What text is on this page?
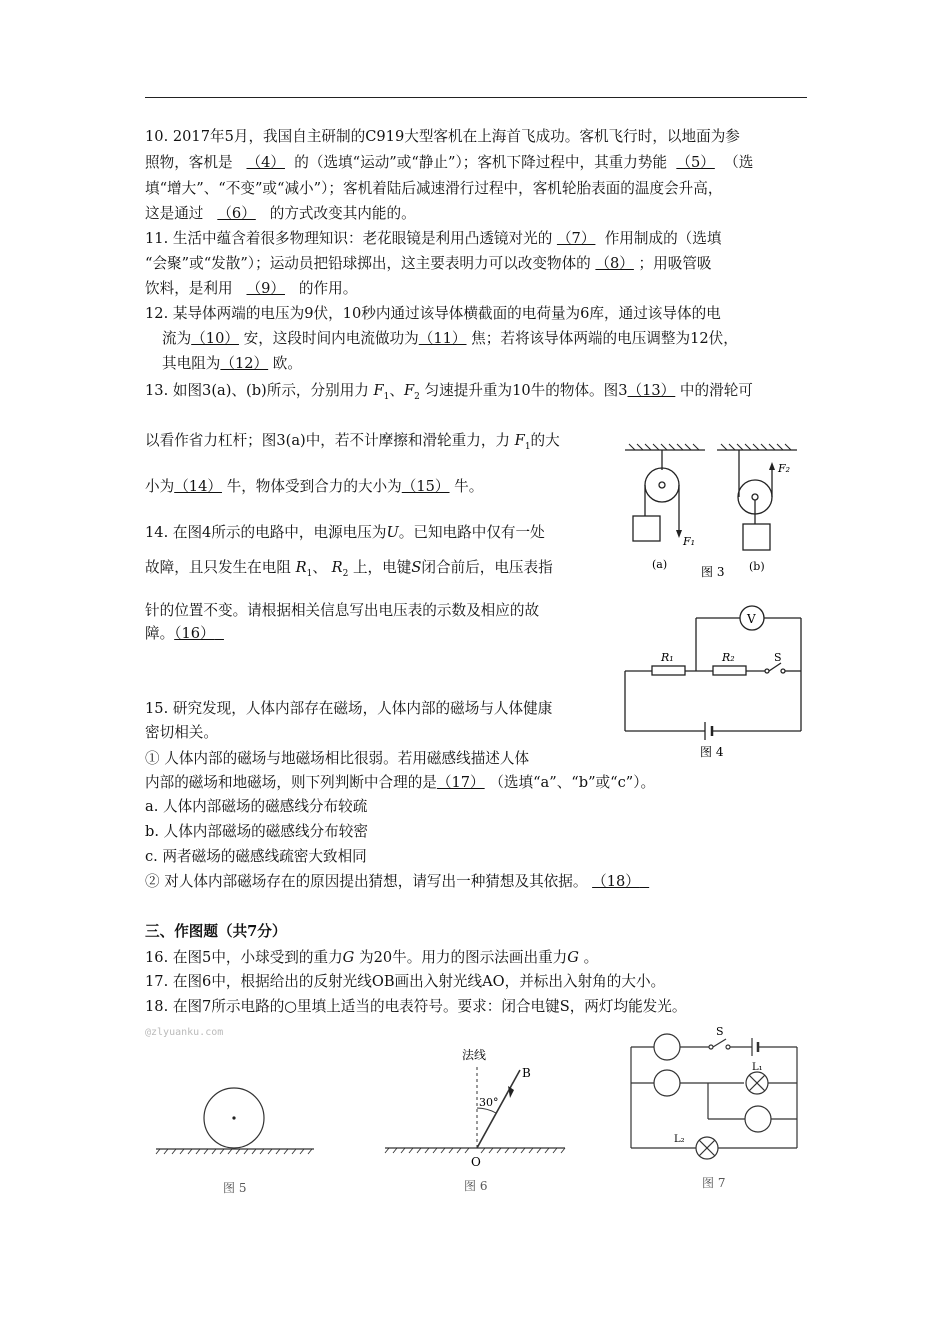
10. 2017年5月，我国自主研制的C919大型客机在上海首飞成功。客机飞行时，以地面为参
照物，客机是 （4） 的（选填“运动”或“静止”）；客机下降过程中，其重力势能 （5） （选
填“增大”、“不变”或“减小”）；客机着陆后减速滑行过程中，客机轮胎表面的温度会升高，
这是通过 （6） 的方式改变其内能的。
11. 生活中蕴含着很多物理知识：老花眼镜是利用凸透镜对光的 （7） 作用制成的（选填
“会聚”或“发散”）；运动员把铅球掷出，这主要表明力可以改变物体的 （8） ；用吸管吸
饮料，是利用 （9） 的作用。
12. 某导体两端的电压为9伏，10秒内通过该导体横截面的电荷量为6库，通过该导体的电
流为（10） 安，这段时间内电流做功为（11） 焦；若将该导体两端的电压调整为12伏，
其电阻为（12） 欧。
13. 如图3(a)、(b)所示，分别用力 $F_1$、$F_2$ 匀速提升重为10牛的物体。图3（13） 中的滑轮可
以看作省力杠杆；图3(a)中，若不计摩擦和滑轮重力，力 $F_1$的大
小为（14） 牛，物体受到合力的大小为（15） 牛。
14. 在图4所示的电路中，电源电压为U。已知电路中仅有一处
故障，且只发生在电阻 $R_1$、 $R_2$ 上，电键S闭合前后，电压表指
针的位置不变。请根据相关信息写出电压表的示数及相应的故
障。（16）
15. 研究发现，人体内部存在磁场，人体内部的磁场与人体健康
密切相关。
① 人体内部的磁场与地磁场相比很弱。若用磁感线描述人体
内部的磁场和地磁场，则下列判断中合理的是（17） （选填“a”、“b”或“c”）。
a. 人体内部磁场的磁感线分布较疏
b. 人体内部磁场的磁感线分布较密
c. 两者磁场的磁感线疏密大致相同
② 对人体内部磁场存在的原因提出猜想，请写出一种猜想及其依据。 （18）
三、作图题（共7分）
16. 在图5中，小球受到的重力G 为20牛。用力的图示法画出重力G 。
17. 在图6中，根据给出的反射光线OB画出入射光线AO，并标出入射角的大小。
18. 在图7所示电路的○里填上适当的电表符号。要求：闭合电键S，两灯均能发光。
@zlyuanku.com
F₁
F₂
(a)	(b)
图 3
V
R₁	R₂	S
图 4
图 5
法线
30°
B
O
图 6
S
L₁
L₂
图 7
